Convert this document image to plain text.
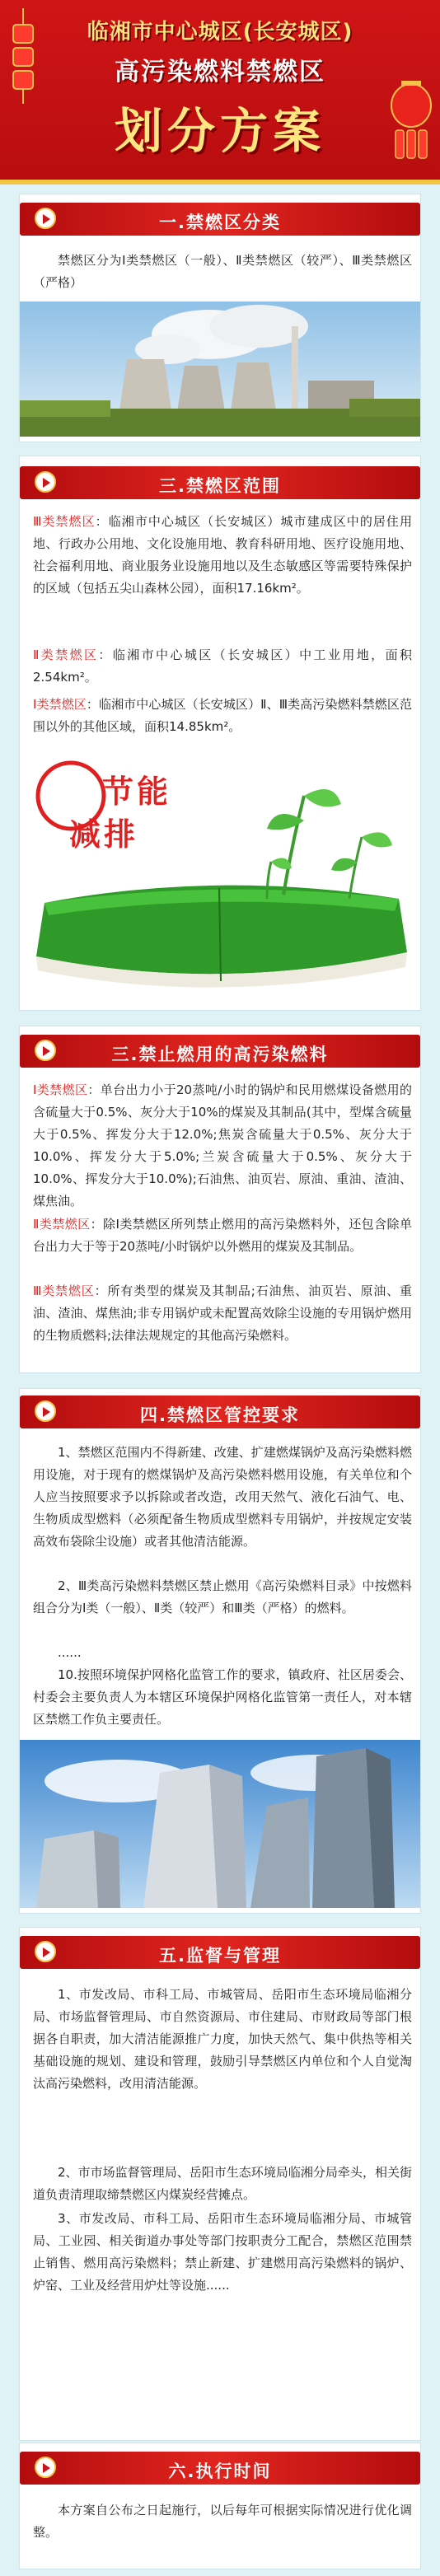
临湘市中心城区(长安城区)
高污染燃料禁燃区
划分方案
一.禁燃区分类
禁燃区分为Ⅰ类禁燃区（一般）、Ⅱ类禁燃区（较严）、Ⅲ类禁燃区（严格）
三.禁燃区范围
Ⅲ类禁燃区：临湘市中心城区（长安城区）城市建成区中的居住用地、行政办公用地、文化设施用地、教育科研用地、医疗设施用地、社会福利用地、商业服务业设施用地以及生态敏感区等需要特殊保护的区域（包括五尖山森林公园），面积17.16km²。
Ⅱ类禁燃区：临湘市中心城区（长安城区）中工业用地，面积2.54km²。
Ⅰ类禁燃区：临湘市中心城区（长安城区）Ⅱ、Ⅲ类高污染燃料禁燃区范围以外的其他区域，面积14.85km²。
节能
减排
三.禁止燃用的高污染燃料
Ⅰ类禁燃区：单台出力小于20蒸吨/小时的锅炉和民用燃煤设备燃用的含硫量大于0.5%、灰分大于10%的煤炭及其制品(其中，型煤含硫量大于0.5%、挥发分大于12.0%;焦炭含硫量大于0.5%、灰分大于10.0%、挥发分大于5.0%;兰炭含硫量大于0.5%、灰分大于10.0%、挥发分大于10.0%);石油焦、油页岩、原油、重油、渣油、煤焦油。
Ⅱ类禁燃区：除Ⅰ类禁燃区所列禁止燃用的高污染燃料外，还包含除单台出力大于等于20蒸吨/小时锅炉以外燃用的煤炭及其制品。
Ⅲ类禁燃区：所有类型的煤炭及其制品;石油焦、油页岩、原油、重油、渣油、煤焦油;非专用锅炉或未配置高效除尘设施的专用锅炉燃用的生物质燃料;法律法规规定的其他高污染燃料。
四.禁燃区管控要求
1、禁燃区范围内不得新建、改建、扩建燃煤锅炉及高污染燃料燃用设施，对于现有的燃煤锅炉及高污染燃料燃用设施，有关单位和个人应当按照要求予以拆除或者改造，改用天然气、液化石油气、电、生物质成型燃料（必须配备生物质成型燃料专用锅炉，并按规定安装高效布袋除尘设施）或者其他清洁能源。
2、Ⅲ类高污染燃料禁燃区禁止燃用《高污染燃料目录》中按燃料组合分为Ⅰ类（一般）、Ⅱ类（较严）和Ⅲ类（严格）的燃料。
......
10.按照环境保护网格化监管工作的要求，镇政府、社区居委会、村委会主要负责人为本辖区环境保护网格化监管第一责任人，对本辖区禁燃工作负主要责任。
五.监督与管理
1、市发改局、市科工局、市城管局、岳阳市生态环境局临湘分局、市场监督管理局、市自然资源局、市住建局、市财政局等部门根据各自职责，加大清洁能源推广力度，加快天然气、集中供热等相关基础设施的规划、建设和管理，鼓励引导禁燃区内单位和个人自觉淘汰高污染燃料，改用清洁能源。
2、市市场监督管理局、岳阳市生态环境局临湘分局牵头，相关街道负责清理取缔禁燃区内煤炭经营摊点。
3、市发改局、市科工局、岳阳市生态环境局临湘分局、市城管局、工业园、相关街道办事处等部门按职责分工配合，禁燃区范围禁止销售、燃用高污染燃料；禁止新建、扩建燃用高污染燃料的锅炉、炉窑、工业及经营用炉灶等设施......
六.执行时间
本方案自公布之日起施行，以后每年可根据实际情况进行优化调整。
